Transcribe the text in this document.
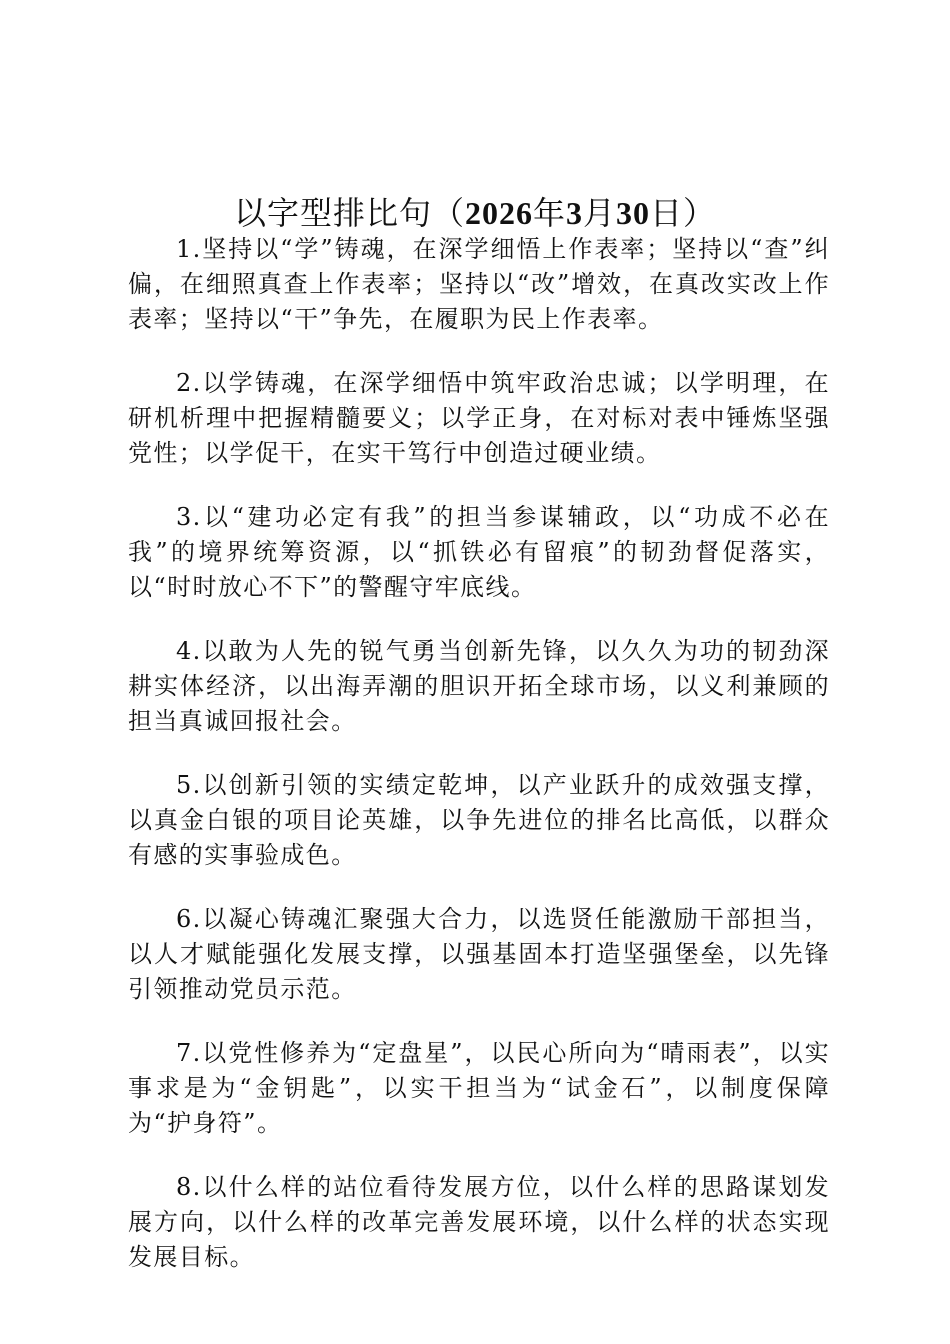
以字型排比句（2026年3月30日）

1.坚持以“学”铸魂，在深学细悟上作表率；坚持以“查”纠偏，在细照真查上作表率；坚持以“改”增效，在真改实改上作表率；坚持以“干”争先，在履职为民上作表率。

2.以学铸魂，在深学细悟中筑牢政治忠诚；以学明理，在研机析理中把握精髓要义；以学正身，在对标对表中锤炼坚强党性；以学促干，在实干笃行中创造过硬业绩。

3.以“建功必定有我”的担当参谋辅政，以“功成不必在我”的境界统筹资源，以“抓铁必有留痕”的韧劲督促落实，以“时时放心不下”的警醒守牢底线。

4.以敢为人先的锐气勇当创新先锋，以久久为功的韧劲深耕实体经济，以出海弄潮的胆识开拓全球市场，以义利兼顾的担当真诚回报社会。

5.以创新引领的实绩定乾坤，以产业跃升的成效强支撑，以真金白银的项目论英雄，以争先进位的排名比高低，以群众有感的实事验成色。

6.以凝心铸魂汇聚强大合力，以选贤任能激励干部担当，以人才赋能强化发展支撑，以强基固本打造坚强堡垒，以先锋引领推动党员示范。

7.以党性修养为“定盘星”，以民心所向为“晴雨表”，以实事求是为“金钥匙”，以实干担当为“试金石”，以制度保障为“护身符”。

8.以什么样的站位看待发展方位，以什么样的思路谋划发展方向，以什么样的改革完善发展环境，以什么样的状态实现发展目标。
